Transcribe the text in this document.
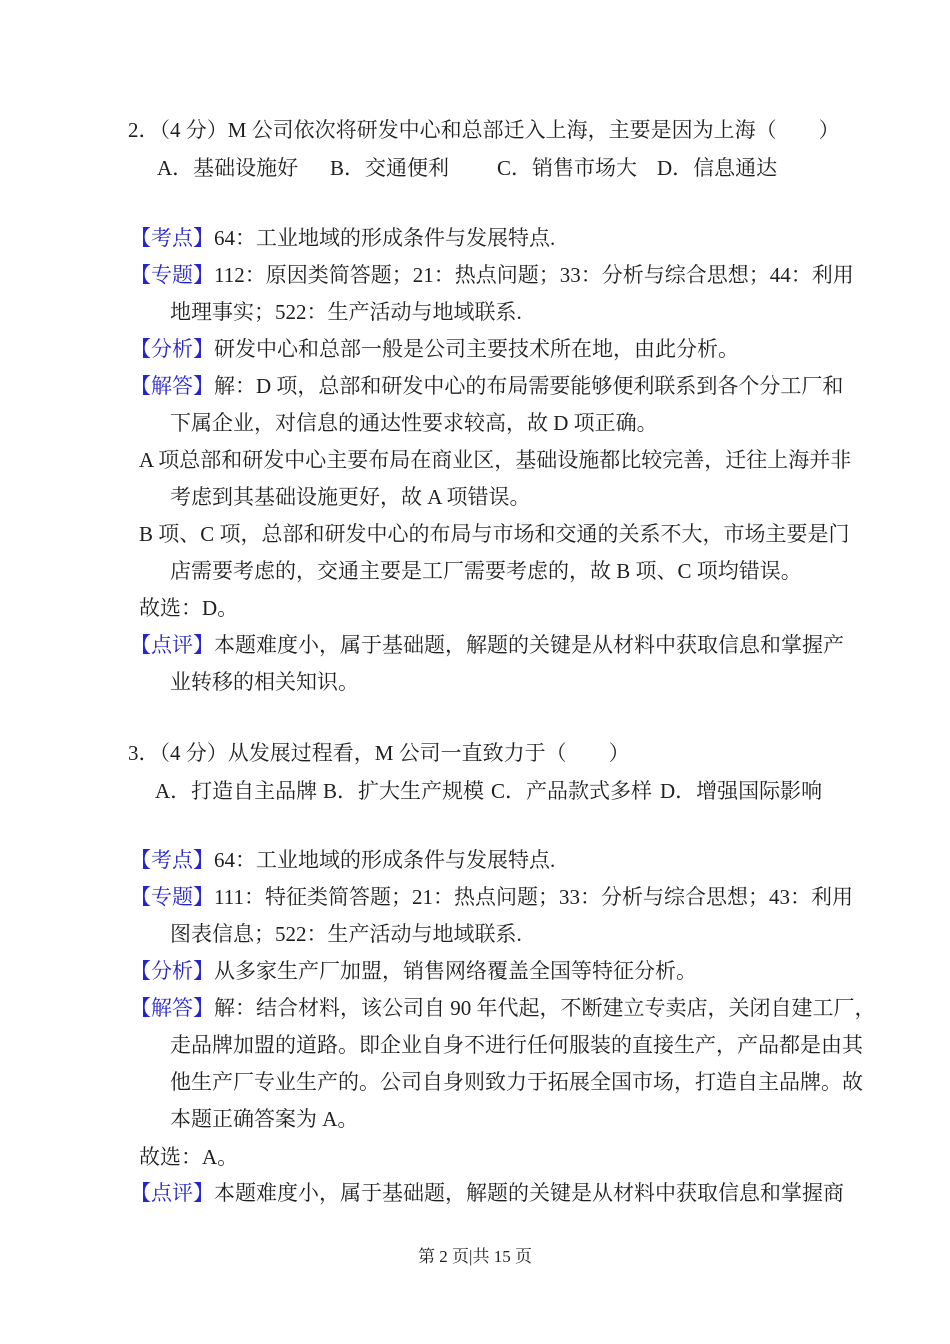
2．（4 分）M 公司依次将研发中心和总部迁入上海，主要是因为上海（　　）
A．基础设施好 B．交通便利 C．销售市场大 D．信息通达
【考点】64：工业地域的形成条件与发展特点.
【专题】112：原因类简答题；21：热点问题；33：分析与综合思想；44：利用
地理事实；522：生产活动与地域联系.
【分析】研发中心和总部一般是公司主要技术所在地，由此分析。
【解答】解：D 项，总部和研发中心的布局需要能够便利联系到各个分工厂和
下属企业，对信息的通达性要求较高，故 D 项正确。
A 项总部和研发中心主要布局在商业区，基础设施都比较完善，迁往上海并非
考虑到其基础设施更好，故 A 项错误。
B 项、C 项，总部和研发中心的布局与市场和交通的关系不大，市场主要是门
店需要考虑的，交通主要是工厂需要考虑的，故 B 项、C 项均错误。
故选：D。
【点评】本题难度小，属于基础题，解题的关键是从材料中获取信息和掌握产
业转移的相关知识。
3．（4 分）从发展过程看，M 公司一直致力于（　　）
A．打造自主品牌 B．扩大生产规模 C．产品款式多样 D．增强国际影响
【考点】64：工业地域的形成条件与发展特点.
【专题】111：特征类简答题；21：热点问题；33：分析与综合思想；43：利用
图表信息；522：生产活动与地域联系.
【分析】从多家生产厂加盟，销售网络覆盖全国等特征分析。
【解答】解：结合材料，该公司自 90 年代起，不断建立专卖店，关闭自建工厂，
走品牌加盟的道路。即企业自身不进行任何服装的直接生产，产品都是由其
他生产厂专业生产的。公司自身则致力于拓展全国市场，打造自主品牌。故
本题正确答案为 A。
故选：A。
【点评】本题难度小，属于基础题，解题的关键是从材料中获取信息和掌握商
第 2 页|共 15 页
